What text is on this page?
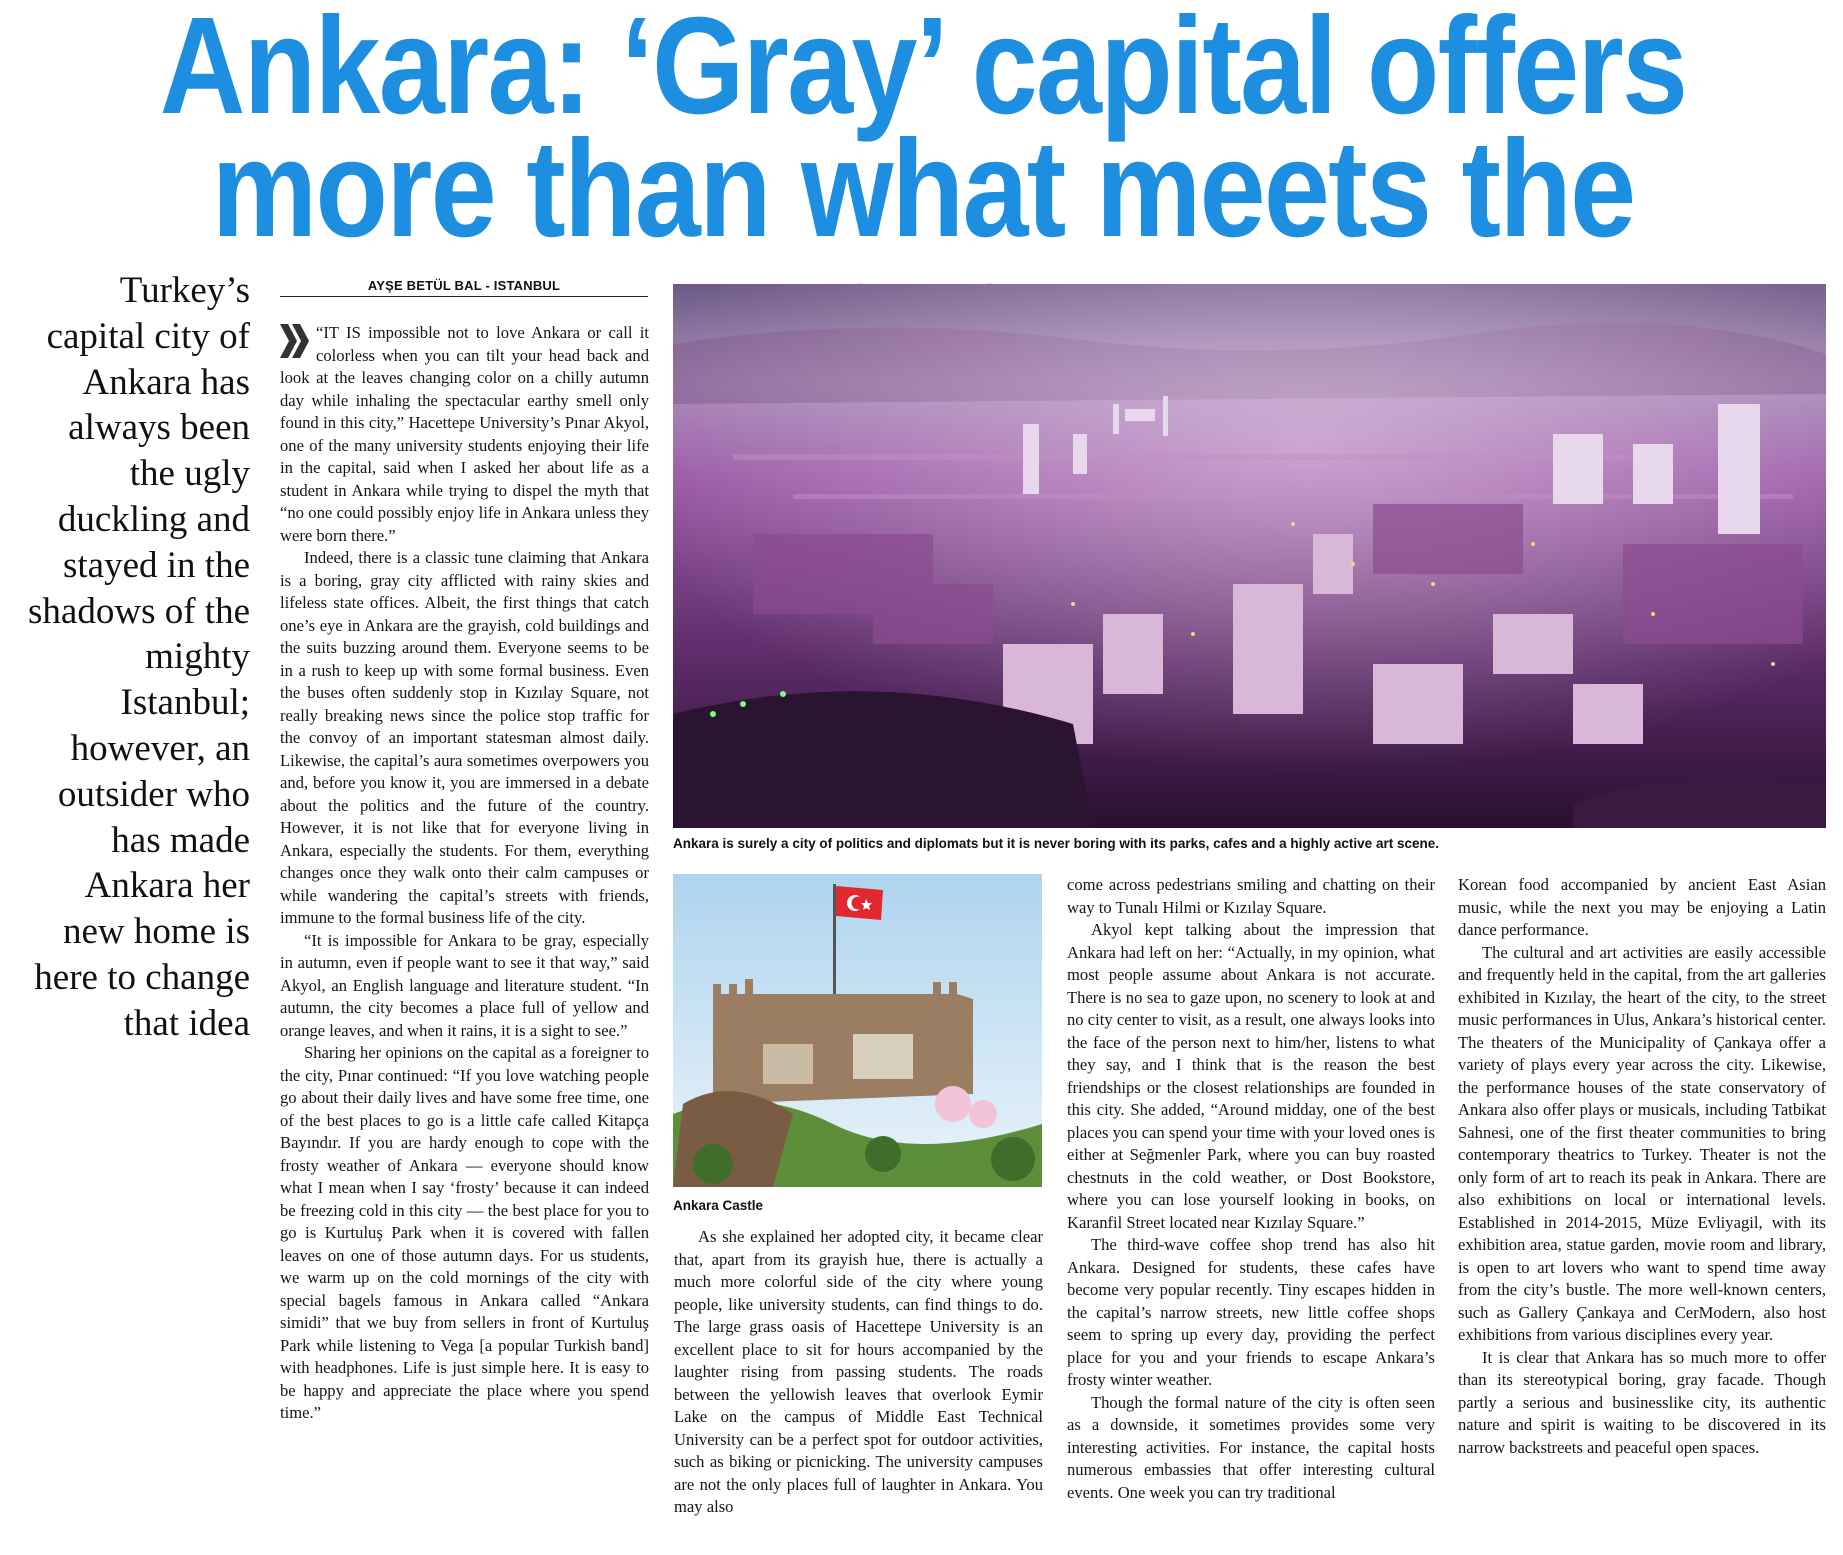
Ankara: ‘Gray’ capital offers
more than what meets the
Turkey’s capital city of Ankara has always been the ugly duckling and stayed in the shadows of the mighty Istanbul; however, an outsider who has made Ankara her new home is here to change that idea
AYŞE BETÜL BAL - ISTANBUL

“IT IS impossible not to love Ankara or call it colorless when you can tilt your head back and look at the leaves changing color on a chilly autumn day while inhaling the spectacular earthy smell only found in this city,” Hacettepe University’s Pınar Akyol, one of the many university students enjoying their life in the capital, said when I asked her about life as a student in Ankara while trying to dispel the myth that “no one could possibly enjoy life in Ankara unless they were born there.”

Indeed, there is a classic tune claiming that Ankara is a boring, gray city afflicted with rainy skies and lifeless state offices. Albeit, the first things that catch one’s eye in Ankara are the grayish, cold buildings and the suits buzzing around them. Everyone seems to be in a rush to keep up with some formal business. Even the buses often suddenly stop in Kızılay Square, not really breaking news since the police stop traffic for the convoy of an important statesman almost daily. Likewise, the capital’s aura sometimes overpowers you and, before you know it, you are immersed in a debate about the politics and the future of the country. However, it is not like that for everyone living in Ankara, especially the students. For them, everything changes once they walk onto their calm campuses or while wandering the capital’s streets with friends, immune to the formal business life of the city.

“It is impossible for Ankara to be gray, especially in autumn, even if people want to see it that way,” said Akyol, an English language and literature student. “In autumn, the city becomes a place full of yellow and orange leaves, and when it rains, it is a sight to see.”

Sharing her opinions on the capital as a foreigner to the city, Pınar continued: “If you love watching people go about their daily lives and have some free time, one of the best places to go is a little cafe called Kitapça Bayındır. If you are hardy enough to cope with the frosty weather of Ankara — everyone should know what I mean when I say ‘frosty’ because it can indeed be freezing cold in this city — the best place for you to go is Kurtuluş Park when it is covered with fallen leaves on one of those autumn days. For us students, we warm up on the cold mornings of the city with special bagels famous in Ankara called “Ankara simidi” that we buy from sellers in front of Kurtuluş Park while listening to Vega [a popular Turkish band] with headphones. Life is just simple here. It is easy to be happy and appreciate the place where you spend time.”

Ankara is surely a city of politics and diplomats but it is never boring with its parks, cafes and a highly active art scene.
Ankara Castle

As she explained her adopted city, it became clear that, apart from its grayish hue, there is actually a much more colorful side of the city where young people, like university students, can find things to do. The large grass oasis of Hacettepe University is an excellent place to sit for hours accompanied by the laughter rising from passing students. The roads between the yellowish leaves that overlook Eymir Lake on the campus of Middle East Technical University can be a perfect spot for outdoor activities, such as biking or picnicking. The university campuses are not the only places full of laughter in Ankara. You may also

come across pedestrians smiling and chatting on their way to Tunalı Hilmi or Kızılay Square.

Akyol kept talking about the impression that Ankara had left on her: “Actually, in my opinion, what most people assume about Ankara is not accurate. There is no sea to gaze upon, no scenery to look at and no city center to visit, as a result, one always looks into the face of the person next to him/her, listens to what they say, and I think that is the reason the best friendships or the closest relationships are founded in this city. She added, “Around midday, one of the best places you can spend your time with your loved ones is either at Seğmenler Park, where you can buy roasted chestnuts in the cold weather, or Dost Bookstore, where you can lose yourself looking in books, on Karanfil Street located near Kızılay Square.”

The third-wave coffee shop trend has also hit Ankara. Designed for students, these cafes have become very popular recently. Tiny escapes hidden in the capital’s narrow streets, new little coffee shops seem to spring up every day, providing the perfect place for you and your friends to escape Ankara’s frosty winter weather.

Though the formal nature of the city is often seen as a downside, it sometimes provides some very interesting activities. For instance, the capital hosts numerous embassies that offer interesting cultural events. One week you can try traditional

Korean food accompanied by ancient East Asian music, while the next you may be enjoying a Latin dance performance.

The cultural and art activities are easily accessible and frequently held in the capital, from the art galleries exhibited in Kızılay, the heart of the city, to the street music performances in Ulus, Ankara’s historical center. The theaters of the Municipality of Çankaya offer a variety of plays every year across the city. Likewise, the performance houses of the state conservatory of Ankara also offer plays or musicals, including Tatbikat Sahnesi, one of the first theater communities to bring contemporary theatrics to Turkey. Theater is not the only form of art to reach its peak in Ankara. There are also exhibitions on local or international levels. Established in 2014-2015, Müze Evliyagil, with its exhibition area, statue garden, movie room and library, is open to art lovers who want to spend time away from the city’s bustle. The more well-known centers, such as Gallery Çankaya and CerModern, also host exhibitions from various disciplines every year.

It is clear that Ankara has so much more to offer than its stereotypical boring, gray facade. Though partly a serious and businesslike city, its authentic nature and spirit is waiting to be discovered in its narrow backstreets and peaceful open spaces.
